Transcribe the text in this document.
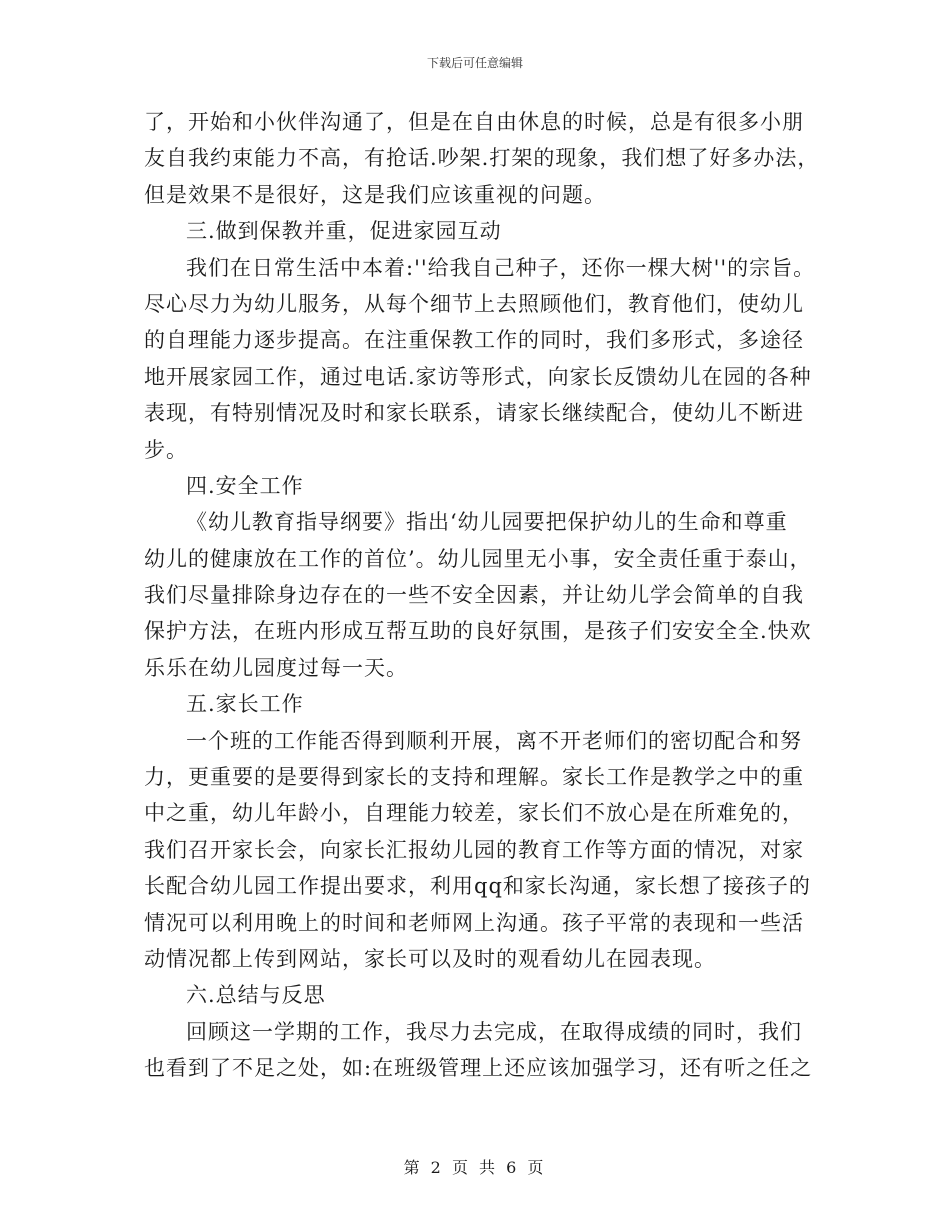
下载后可任意编辑
了，开始和小伙伴沟通了，但是在自由休息的时候，总是有很多小朋
友自我约束能力不高，有抢话.吵架.打架的现象，我们想了好多办法，
但是效果不是很好，这是我们应该重视的问题。
三.做到保教并重，促进家园互动
我们在日常生活中本着:''给我自己种子，还你一棵大树''的宗旨。
尽心尽力为幼儿服务，从每个细节上去照顾他们，教育他们，使幼儿
的自理能力逐步提高。在注重保教工作的同时，我们多形式，多途径
地开展家园工作，通过电话.家访等形式，向家长反馈幼儿在园的各种
表现，有特别情况及时和家长联系，请家长继续配合，使幼儿不断进
步。
四.安全工作
《幼儿教育指导纲要》指出‘幼儿园要把保护幼儿的生命和尊重
幼儿的健康放在工作的首位’。幼儿园里无小事，安全责任重于泰山，
我们尽量排除身边存在的一些不安全因素，并让幼儿学会简单的自我
保护方法，在班内形成互帮互助的良好氛围，是孩子们安安全全.快欢
乐乐在幼儿园度过每一天。
五.家长工作
一个班的工作能否得到顺利开展，离不开老师们的密切配合和努
力，更重要的是要得到家长的支持和理解。家长工作是教学之中的重
中之重，幼儿年龄小，自理能力较差，家长们不放心是在所难免的，
我们召开家长会，向家长汇报幼儿园的教育工作等方面的情况，对家
长配合幼儿园工作提出要求，利用qq和家长沟通，家长想了接孩子的
情况可以利用晚上的时间和老师网上沟通。孩子平常的表现和一些活
动情况都上传到网站，家长可以及时的观看幼儿在园表现。
六.总结与反思
回顾这一学期的工作，我尽力去完成，在取得成绩的同时，我们
也看到了不足之处，如:在班级管理上还应该加强学习，还有听之任之
第 2 页 共 6 页
